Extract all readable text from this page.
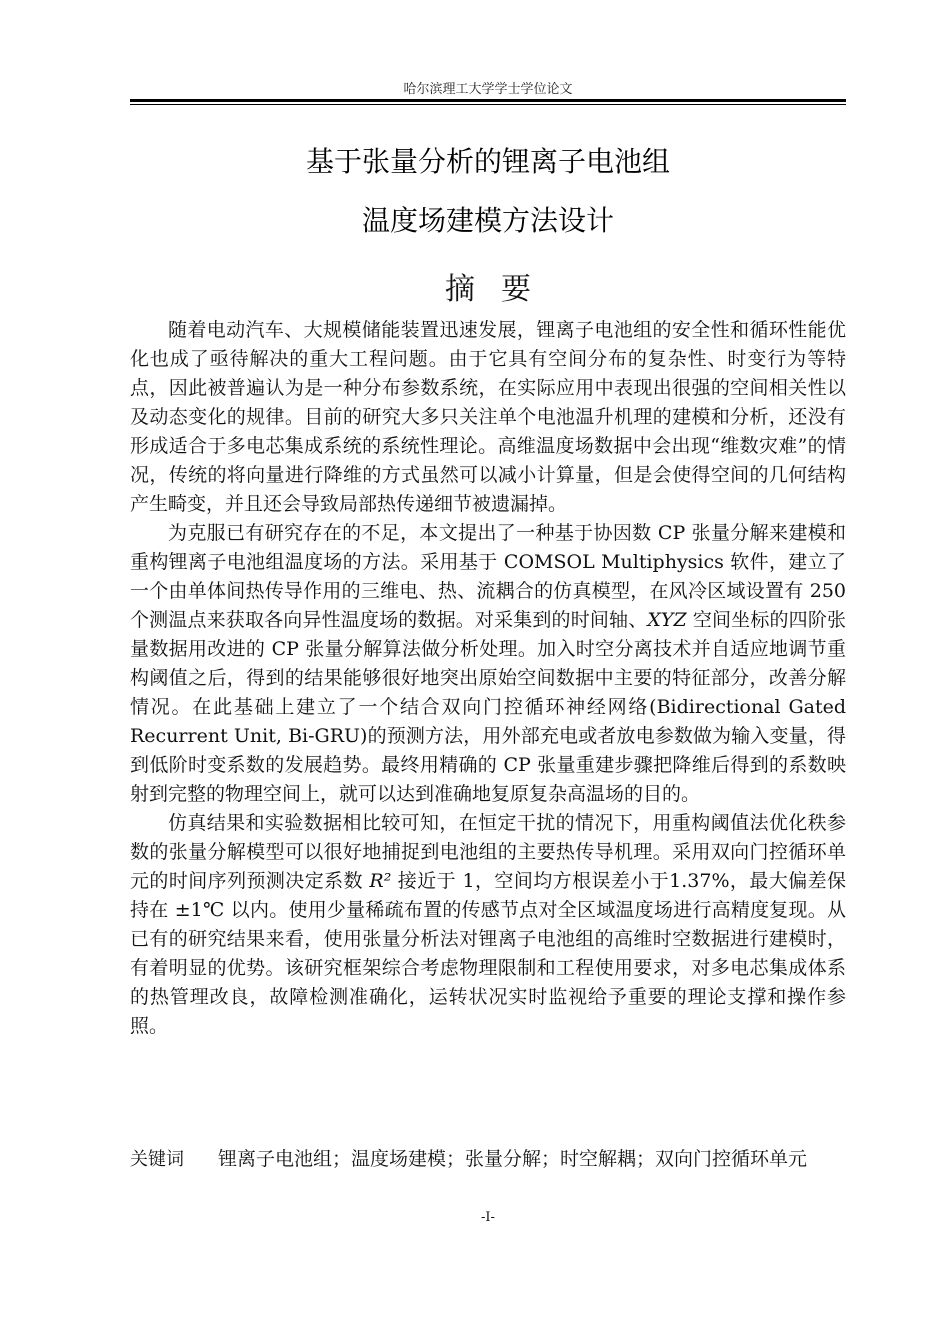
哈尔滨理工大学学士学位论文
基于张量分析的锂离子电池组
温度场建模方法设计
摘要

随着电动汽车、大规模储能装置迅速发展，锂离子电池组的安全性和循环性能优化也成了亟待解决的重大工程问题。由于它具有空间分布的复杂性、时变行为等特点，因此被普遍认为是一种分布参数系统，在实际应用中表现出很强的空间相关性以及动态变化的规律。目前的研究大多只关注单个电池温升机理的建模和分析，还没有形成适合于多电芯集成系统的系统性理论。高维温度场数据中会出现“维数灾难”的情况，传统的将向量进行降维的方式虽然可以减小计算量，但是会使得空间的几何结构产生畸变，并且还会导致局部热传递细节被遗漏掉。

为克服已有研究存在的不足，本文提出了一种基于协因数 CP 张量分解来建模和重构锂离子电池组温度场的方法。采用基于 COMSOL Multiphysics 软件，建立了一个由单体间热传导作用的三维电、热、流耦合的仿真模型，在风冷区域设置有 250 个测温点来获取各向异性温度场的数据。对采集到的时间轴、XYZ 空间坐标的四阶张量数据用改进的 CP 张量分解算法做分析处理。加入时空分离技术并自适应地调节重构阈值之后，得到的结果能够很好地突出原始空间数据中主要的特征部分，改善分解情况。在此基础上建立了一个结合双向门控循环神经网络(Bidirectional Gated Recurrent Unit, Bi-GRU)的预测方法，用外部充电或者放电参数做为输入变量，得到低阶时变系数的发展趋势。最终用精确的 CP 张量重建步骤把降维后得到的系数映射到完整的物理空间上，就可以达到准确地复原复杂高温场的目的。

仿真结果和实验数据相比较可知，在恒定干扰的情况下，用重构阈值法优化秩参数的张量分解模型可以很好地捕捉到电池组的主要热传导机理。采用双向门控循环单元的时间序列预测决定系数 R² 接近于 1，空间均方根误差小于1.37%，最大偏差保持在 ±1℃ 以内。使用少量稀疏布置的传感节点对全区域温度场进行高精度复现。从已有的研究结果来看，使用张量分析法对锂离子电池组的高维时空数据进行建模时，有着明显的优势。该研究框架综合考虑物理限制和工程使用要求，对多电芯集成体系的热管理改良，故障检测准确化，运转状况实时监视给予重要的理论支撑和操作参照。

关键词 锂离子电池组；温度场建模；张量分解；时空解耦；双向门控循环单元
-I-
